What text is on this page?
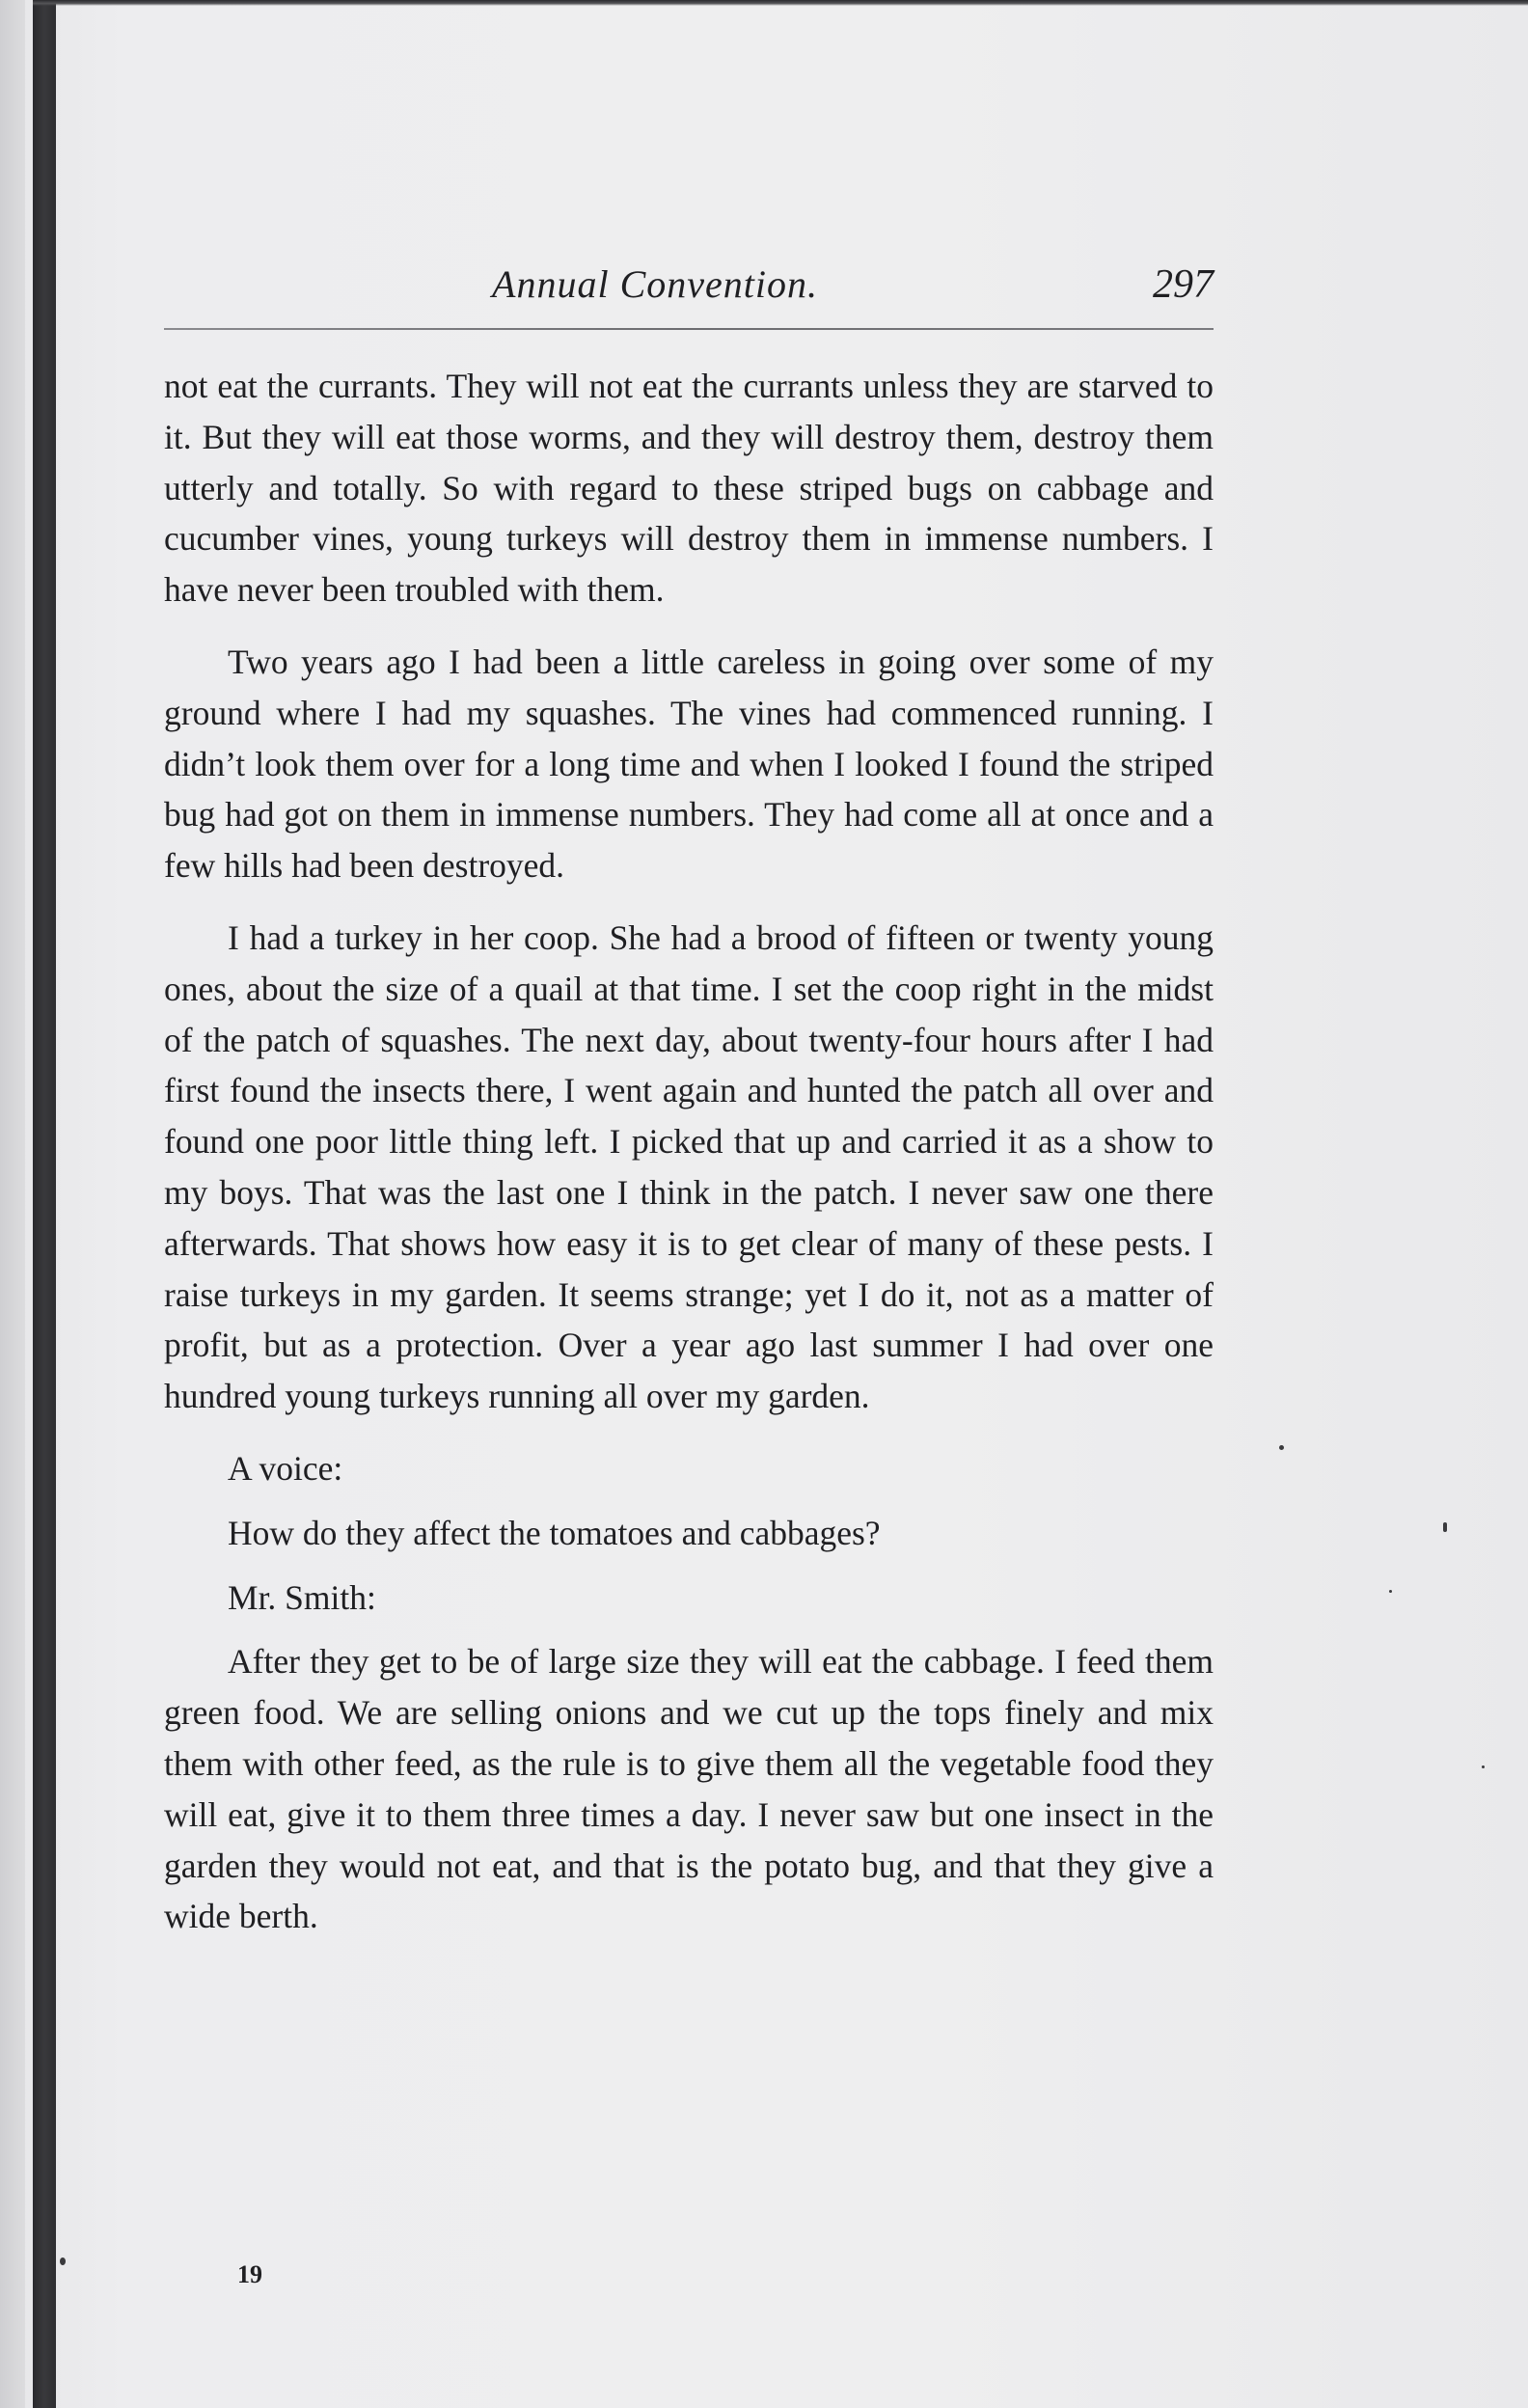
Annual Convention.	297

not eat the currants. They will not eat the currants unless they are starved to it. But they will eat those worms, and they will destroy them, destroy them utterly and totally. So with regard to these striped bugs on cabbage and cucumber vines, young turkeys will destroy them in immense numbers. I have never been troubled with them.

Two years ago I had been a little careless in going over some of my ground where I had my squashes. The vines had commenced running. I didn’t look them over for a long time and when I looked I found the striped bug had got on them in immense numbers. They had come all at once and a few hills had been destroyed.

I had a turkey in her coop. She had a brood of fifteen or twenty young ones, about the size of a quail at that time. I set the coop right in the midst of the patch of squashes. The next day, about twenty-four hours after I had first found the insects there, I went again and hunted the patch all over and found one poor little thing left. I picked that up and carried it as a show to my boys. That was the last one I think in the patch. I never saw one there afterwards. That shows how easy it is to get clear of many of these pests. I raise turkeys in my garden. It seems strange; yet I do it, not as a matter of profit, but as a protection. Over a year ago last summer I had over one hundred young turkeys running all over my garden.

A voice:

How do they affect the tomatoes and cabbages?

Mr. Smith:

After they get to be of large size they will eat the cabbage. I feed them green food. We are selling onions and we cut up the tops finely and mix them with other feed, as the rule is to give them all the vegetable food they will eat, give it to them three times a day. I never saw but one insect in the garden they would not eat, and that is the potato bug, and that they give a wide berth.

19
